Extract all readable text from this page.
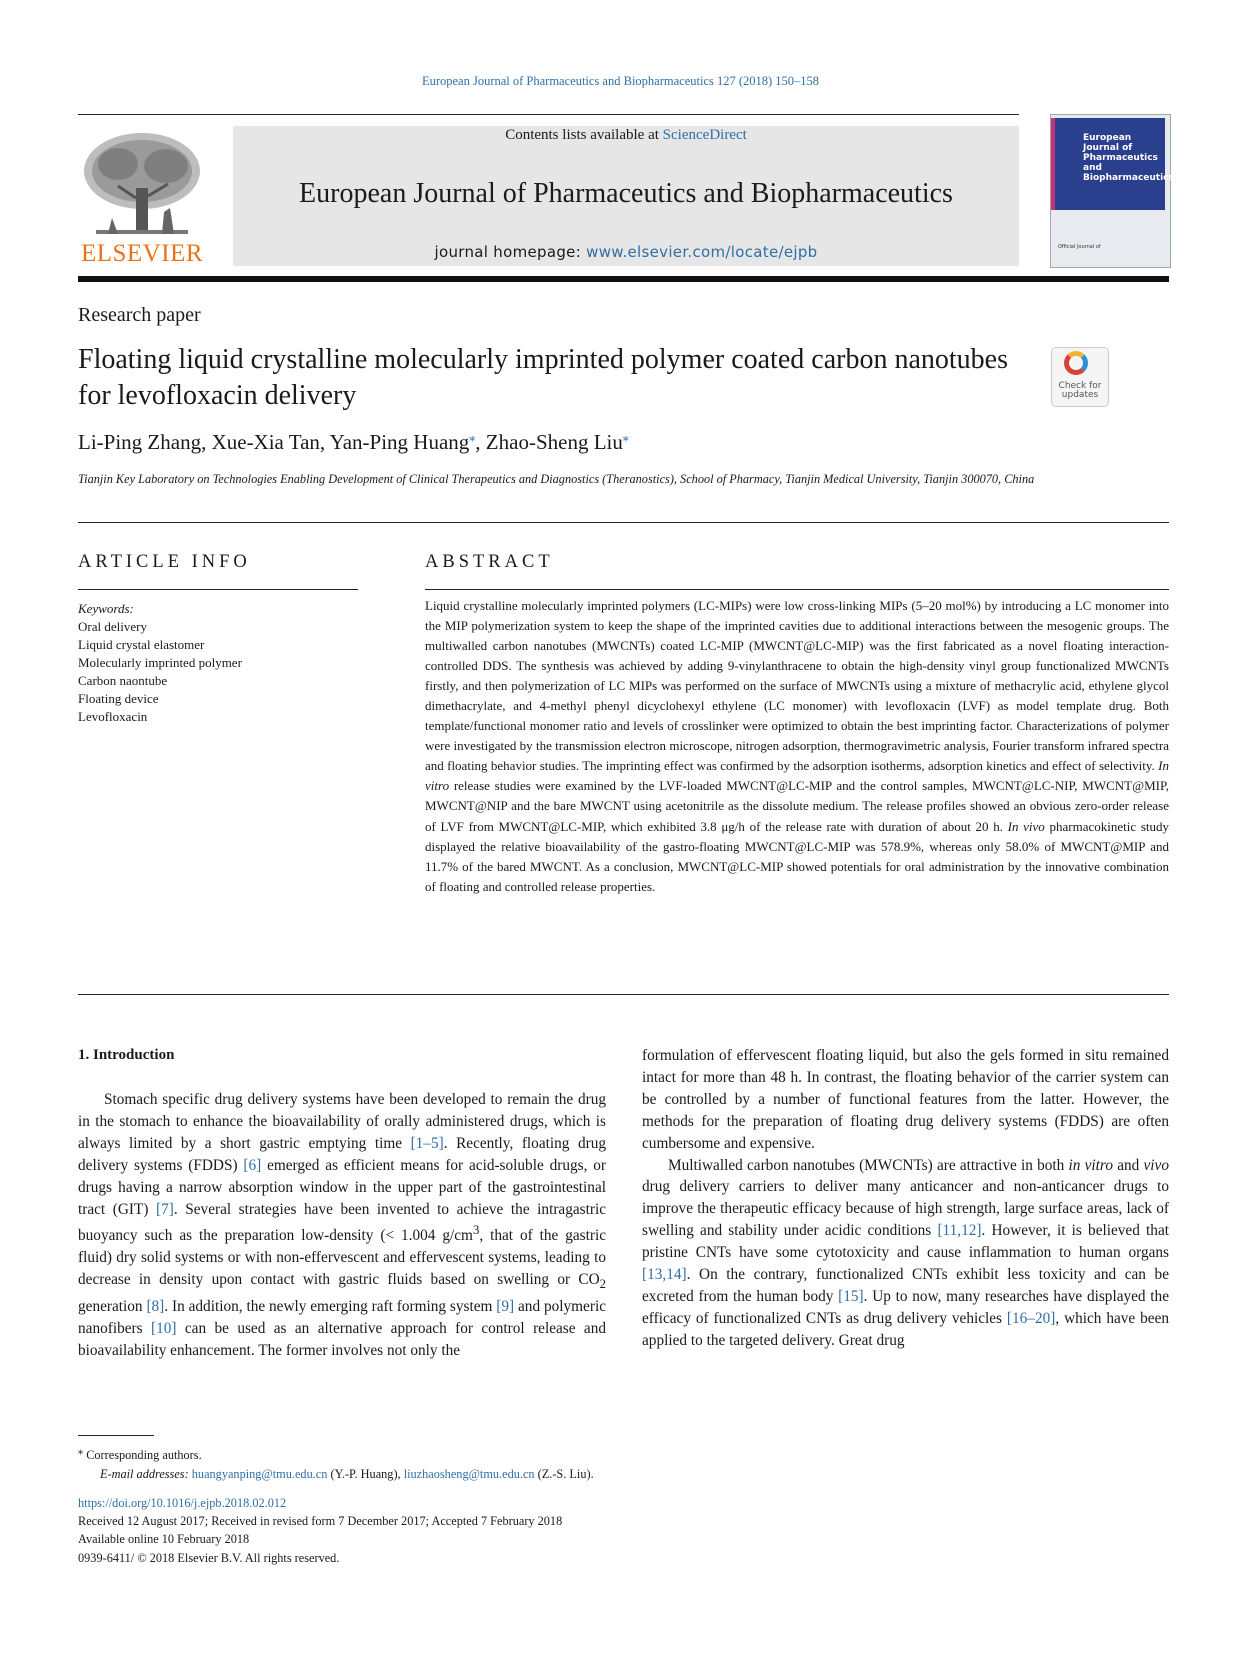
European Journal of Pharmaceutics and Biopharmaceutics 127 (2018) 150–158
ELSEVIER
Contents lists available at ScienceDirect
European Journal of Pharmaceutics and Biopharmaceutics
journal homepage: www.elsevier.com/locate/ejpb
European
Journal of
Pharmaceutics and
Biopharmaceutics
Official Journal of
Research paper
Floating liquid crystalline molecularly imprinted polymer coated carbon nanotubes for levofloxacin delivery	Check for updates
Li-Ping Zhang, Xue-Xia Tan, Yan-Ping Huang⁎, Zhao-Sheng Liu⁎
Tianjin Key Laboratory on Technologies Enabling Development of Clinical Therapeutics and Diagnostics (Theranostics), School of Pharmacy, Tianjin Medical University, Tianjin 300070, China
ARTICLE INFO	ABSTRACT
Keywords:
Oral delivery
Liquid crystal elastomer
Molecularly imprinted polymer
Carbon naontube
Floating device
Levofloxacin
Liquid crystalline molecularly imprinted polymers (LC-MIPs) were low cross-linking MIPs (5–20 mol%) by introducing a LC monomer into the MIP polymerization system to keep the shape of the imprinted cavities due to additional interactions between the mesogenic groups. The multiwalled carbon nanotubes (MWCNTs) coated LC-MIP (MWCNT@LC-MIP) was the first fabricated as a novel floating interaction-controlled DDS. The synthesis was achieved by adding 9-vinylanthracene to obtain the high-density vinyl group functionalized MWCNTs firstly, and then polymerization of LC MIPs was performed on the surface of MWCNTs using a mixture of methacrylic acid, ethylene glycol dimethacrylate, and 4-methyl phenyl dicyclohexyl ethylene (LC monomer) with levofloxacin (LVF) as model template drug. Both template/functional monomer ratio and levels of crosslinker were optimized to obtain the best imprinting factor. Characterizations of polymer were investigated by the transmission electron microscope, nitrogen adsorption, thermogravimetric analysis, Fourier transform infrared spectra and floating behavior studies. The imprinting effect was confirmed by the adsorption isotherms, adsorption kinetics and effect of selectivity. In vitro release studies were examined by the LVF-loaded MWCNT@LC-MIP and the control samples, MWCNT@LC-NIP, MWCNT@MIP, MWCNT@NIP and the bare MWCNT using acetonitrile as the dissolute medium. The release profiles showed an obvious zero-order release of LVF from MWCNT@LC-MIP, which exhibited 3.8 μg/h of the release rate with duration of about 20 h. In vivo pharmacokinetic study displayed the relative bioavailability of the gastro-floating MWCNT@LC-MIP was 578.9%, whereas only 58.0% of MWCNT@MIP and 11.7% of the bared MWCNT. As a conclusion, MWCNT@LC-MIP showed potentials for oral administration by the innovative combination of floating and controlled release properties.
1. Introduction

Stomach specific drug delivery systems have been developed to remain the drug in the stomach to enhance the bioavailability of orally administered drugs, which is always limited by a short gastric emptying time [1–5]. Recently, floating drug delivery systems (FDDS) [6] emerged as efficient means for acid-soluble drugs, or drugs having a narrow absorption window in the upper part of the gastrointestinal tract (GIT) [7]. Several strategies have been invented to achieve the intragastric buoyancy such as the preparation low-density (< 1.004 $g/cm^3$, that of the gastric fluid) dry solid systems or with non-effervescent and effervescent systems, leading to decrease in density upon contact with gastric fluids based on swelling or $CO_2$ generation [8]. In addition, the newly emerging raft forming system [9] and polymeric nanofibers [10] can be used as an alternative approach for control release and bioavailability enhancement. The former involves not only the

formulation of effervescent floating liquid, but also the gels formed in situ remained intact for more than 48 h. In contrast, the floating behavior of the carrier system can be controlled by a number of functional features from the latter. However, the methods for the preparation of floating drug delivery systems (FDDS) are often cumbersome and expensive.

Multiwalled carbon nanotubes (MWCNTs) are attractive in both in vitro and vivo drug delivery carriers to deliver many anticancer and non-anticancer drugs to improve the therapeutic efficacy because of high strength, large surface areas, lack of swelling and stability under acidic conditions [11,12]. However, it is believed that pristine CNTs have some cytotoxicity and cause inflammation to human organs [13,14]. On the contrary, functionalized CNTs exhibit less toxicity and can be excreted from the human body [15]. Up to now, many researches have displayed the efficacy of functionalized CNTs as drug delivery vehicles [16–20], which have been applied to the targeted delivery. Great drug

⁎ Corresponding authors.
E-mail addresses: huangyanping@tmu.edu.cn (Y.-P. Huang), liuzhaosheng@tmu.edu.cn (Z.-S. Liu).
https://doi.org/10.1016/j.ejpb.2018.02.012
Received 12 August 2017; Received in revised form 7 December 2017; Accepted 7 February 2018
Available online 10 February 2018
0939-6411/ © 2018 Elsevier B.V. All rights reserved.
